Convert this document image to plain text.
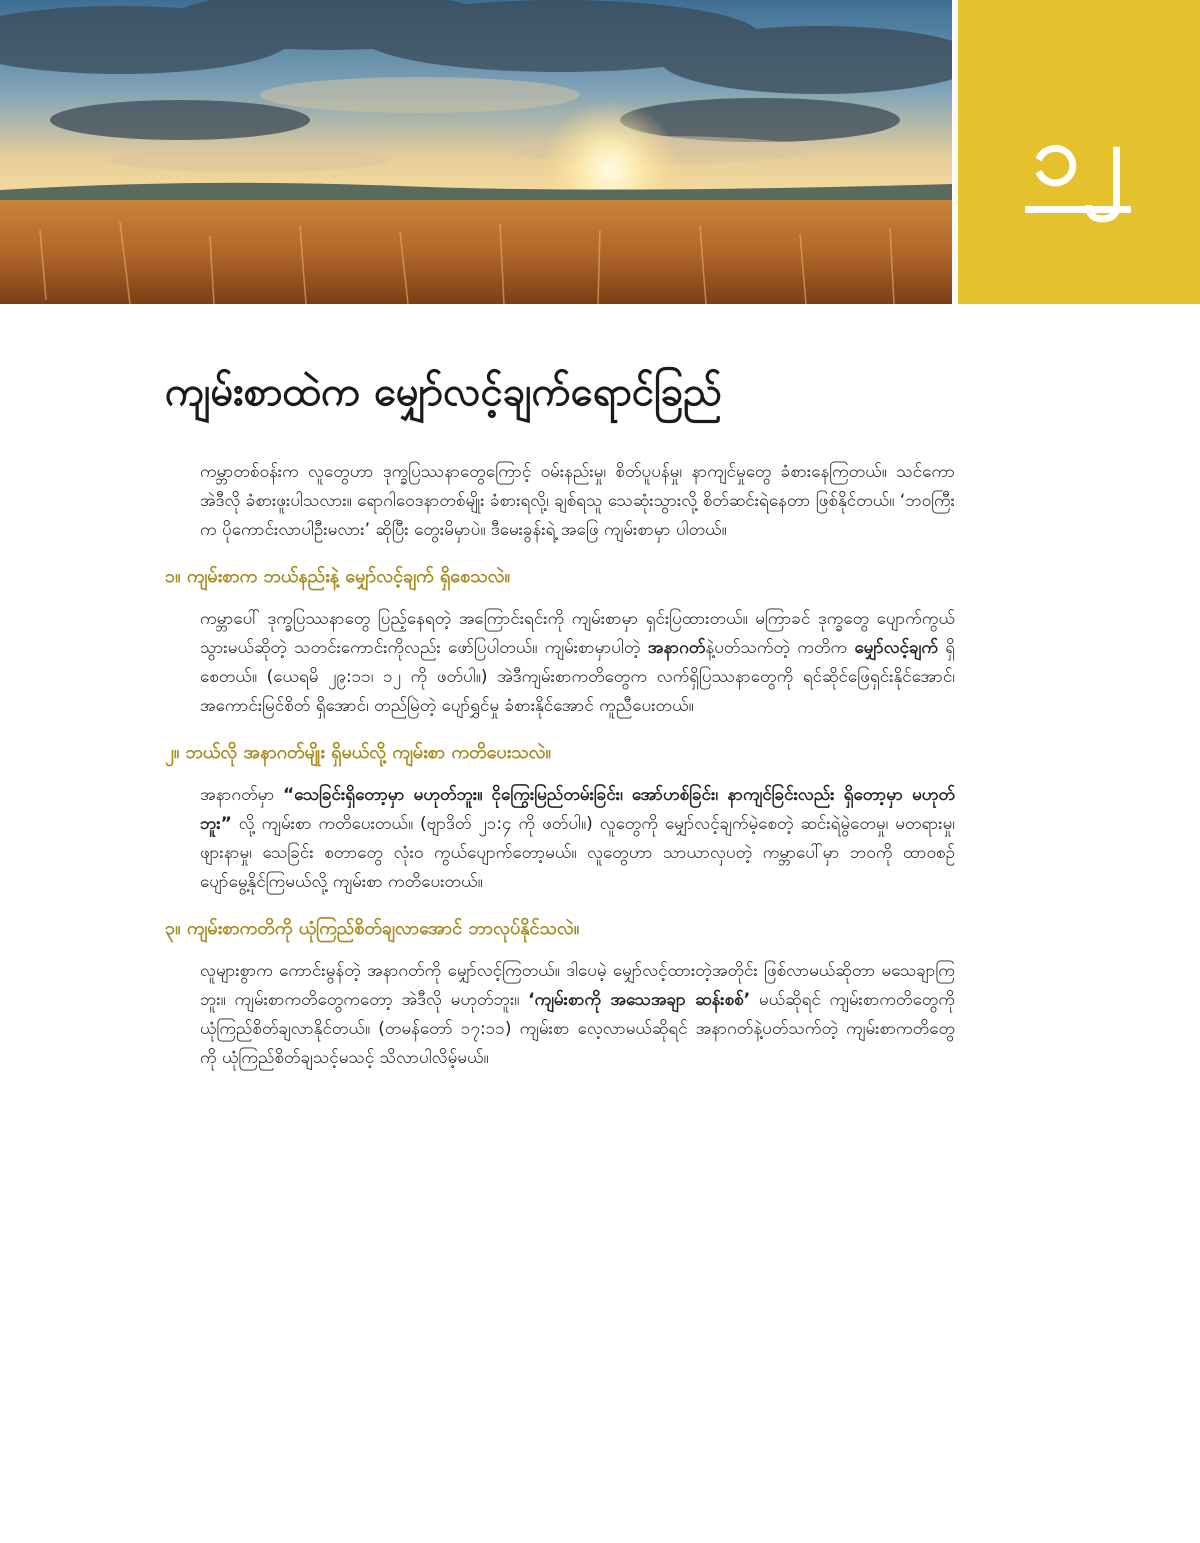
၁၂
ကျမ်းစာထဲက မျှော်လင့်ချက်ရောင်ခြည်

ကမ္ဘာတစ်ဝန်းက လူတွေဟာ ဒုက္ခပြဿနာတွေကြောင့် ဝမ်းနည်းမှု၊ စိတ်ပူပန်မှု၊ နာကျင်မှုတွေ ခံစားနေကြတယ်။ သင်ကော အဲဒီလို ခံစားဖူးပါသလား။ ရောဂါဝေဒနာတစ်မျိုး ခံစားရလို့၊ ချစ်ရသူ သေဆုံးသွားလို့ စိတ်ဆင်းရဲနေတာ ဖြစ်နိုင်တယ်။ ‘ဘဝကြီးက ပိုကောင်းလာပါဦးမလား’ ဆိုပြီး တွေးမိမှာပဲ။ ဒီမေးခွန်းရဲ့ အဖြေ ကျမ်းစာမှာ ပါတယ်။

၁။ ကျမ်းစာက ဘယ်နည်းနဲ့ မျှော်လင့်ချက် ရှိစေသလဲ။

ကမ္ဘာပေါ် ဒုက္ခပြဿနာတွေ ပြည့်နေရတဲ့ အကြောင်းရင်းကို ကျမ်းစာမှာ ရှင်းပြထားတယ်။ မကြာခင် ဒုက္ခတွေ ပျောက်ကွယ်သွားမယ်ဆိုတဲ့ သတင်းကောင်းကိုလည်း ဖော်ပြပါတယ်။ ကျမ်းစာမှာပါတဲ့ အနာဂတ်နဲ့ပတ်သက်တဲ့ ကတိက မျှော်လင့်ချက် ရှိစေတယ်။ (ယေရမိ ၂၉:၁၁၊ ၁၂ ကို ဖတ်ပါ။) အဲဒီကျမ်းစာကတိတွေက လက်ရှိပြဿနာတွေကို ရင်ဆိုင်ဖြေရှင်းနိုင်အောင်၊ အကောင်းမြင်စိတ် ရှိအောင်၊ တည်မြဲတဲ့ ပျော်ရွှင်မှု ခံစားနိုင်အောင် ကူညီပေးတယ်။

၂။ ဘယ်လို အနာဂတ်မျိုး ရှိမယ်လို့ ကျမ်းစာ ကတိပေးသလဲ။

အနာဂတ်မှာ “သေခြင်းရှိတော့မှာ မဟုတ်ဘူး။ ငိုကြွေးမြည်တမ်းခြင်း၊ အော်ဟစ်ခြင်း၊ နာကျင်ခြင်းလည်း ရှိတော့မှာ မဟုတ်ဘူး” လို့ ကျမ်းစာ ကတိပေးတယ်။ (ဗျာဒိတ် ၂၁:၄ ကို ဖတ်ပါ။) လူတွေကို မျှော်လင့်ချက်မဲ့စေတဲ့ ဆင်းရဲမွဲတေမှု၊ မတရားမှု၊ ဖျားနာမှု၊ သေခြင်း စတာတွေ လုံးဝ ကွယ်ပျောက်တော့မယ်။ လူတွေဟာ သာယာလှပတဲ့ ကမ္ဘာပေါ်မှာ ဘဝကို ထာဝစဉ် ပျော်မွေ့နိုင်ကြမယ်လို့ ကျမ်းစာ ကတိပေးတယ်။

၃။ ကျမ်းစာကတိကို ယုံကြည်စိတ်ချလာအောင် ဘာလုပ်နိုင်သလဲ။

လူများစွာက ကောင်းမွန်တဲ့ အနာဂတ်ကို မျှော်လင့်ကြတယ်။ ဒါပေမဲ့ မျှော်လင့်ထားတဲ့အတိုင်း ဖြစ်လာမယ်ဆိုတာ မသေချာကြဘူး။ ကျမ်းစာကတိတွေကတော့ အဲဒီလို မဟုတ်ဘူး။ ‘ကျမ်းစာကို အသေအချာ ဆန်းစစ်’ မယ်ဆိုရင် ကျမ်းစာကတိတွေကို ယုံကြည်စိတ်ချလာနိုင်တယ်။ (တမန်တော် ၁၇:၁၁) ကျမ်းစာ လေ့လာမယ်ဆိုရင် အနာဂတ်နဲ့ပတ်သက်တဲ့ ကျမ်းစာကတိတွေကို ယုံကြည်စိတ်ချသင့်မသင့် သိလာပါလိမ့်မယ်။
